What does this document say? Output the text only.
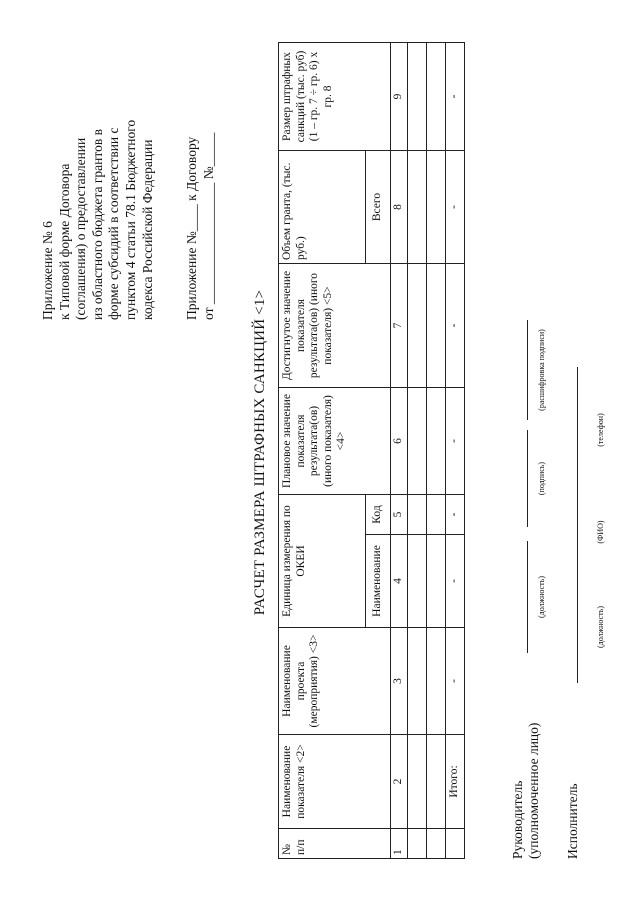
Приложение № 6 к Типовой форме Договора (соглашения) о предоставлении из областного бюджета грантов в форме субсидий в соответствии с пунктом 4 статьи 78.1 Бюджетного кодекса Российской Федерации Приложение №____ к Договору от __________________ №_____
РАСЧЕТ РАЗМЕРА ШТРАФНЫХ САНКЦИЙ <1>
№ п/п	Наименование показателя <2>	Наименование проекта (мероприятия) <3>	Единица измерения по ОКЕИ		Плановое значение показателя результата(ов) (иного показателя) <4>	Достигнутое значение показателя результата(ов) (иного показателя) <5>	Объем гранта, (тыс. руб.)	Размер штрафных санкций (тыс. руб) (1 – гр. 7 ÷ гр. 6) х гр. 8
			Наименование	Код			Всего	
1	2	3	4	5	6	7	8	9

	Итого:	-	-	-	-	-	-	-
Руководитель (уполномоченное лицо)
(должность)
(подпись)
(расшифровка подписи)
Исполнитель
(должность)
(ФИО)
(телефон)
